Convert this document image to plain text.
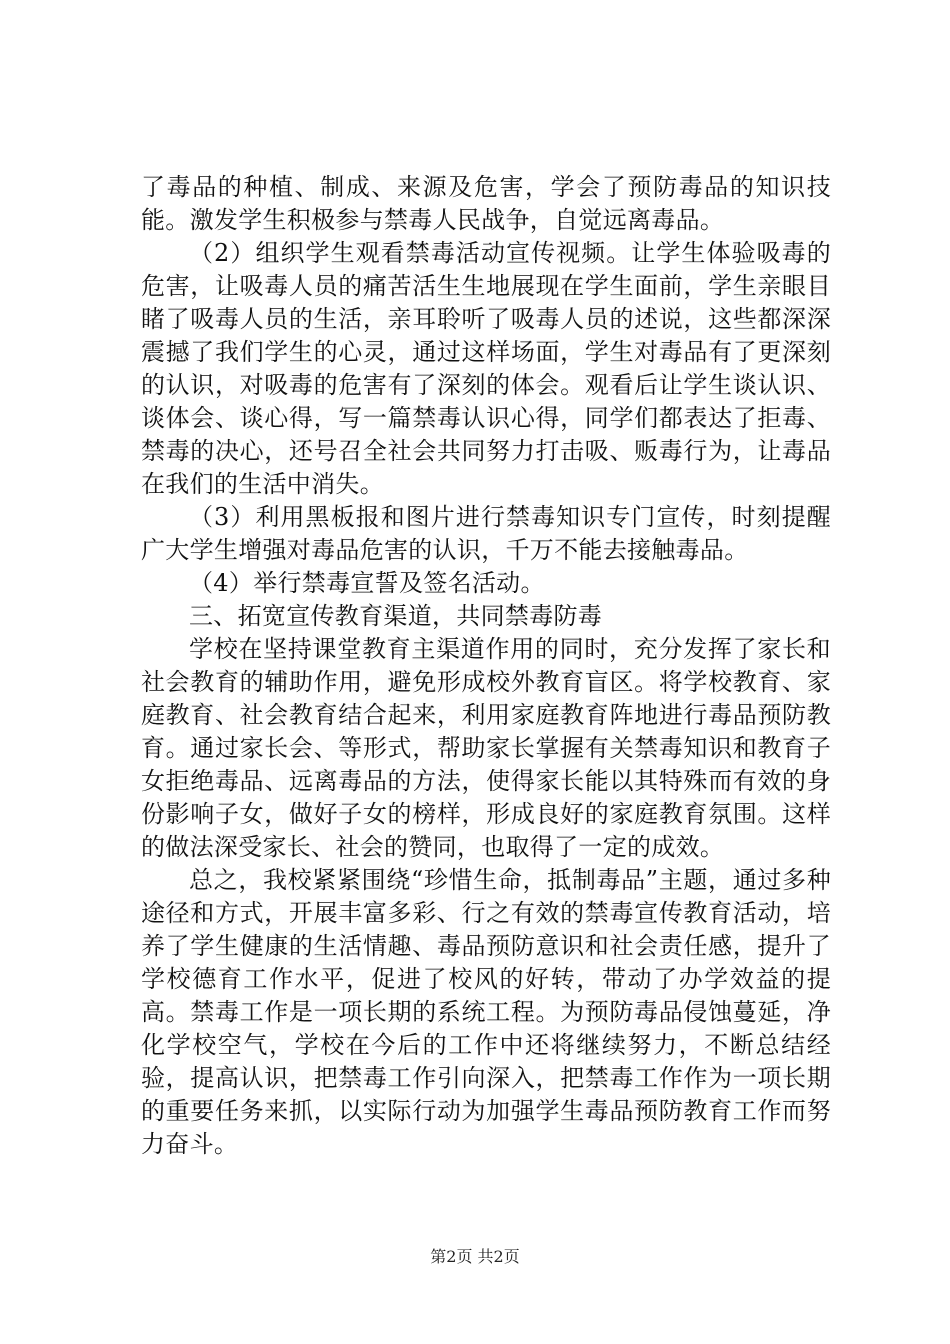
了毒品的种植、制成、来源及危害，学会了预防毒品的知识技能。激发学生积极参与禁毒人民战争，自觉远离毒品。

（2）组织学生观看禁毒活动宣传视频。让学生体验吸毒的危害，让吸毒人员的痛苦活生生地展现在学生面前，学生亲眼目睹了吸毒人员的生活，亲耳聆听了吸毒人员的述说，这些都深深震撼了我们学生的心灵，通过这样场面，学生对毒品有了更深刻的认识，对吸毒的危害有了深刻的体会。观看后让学生谈认识、谈体会、谈心得，写一篇禁毒认识心得，同学们都表达了拒毒、禁毒的决心，还号召全社会共同努力打击吸、贩毒行为，让毒品在我们的生活中消失。

（3）利用黑板报和图片进行禁毒知识专门宣传，时刻提醒广大学生增强对毒品危害的认识，千万不能去接触毒品。

（4）举行禁毒宣誓及签名活动。

三、拓宽宣传教育渠道，共同禁毒防毒

学校在坚持课堂教育主渠道作用的同时，充分发挥了家长和社会教育的辅助作用，避免形成校外教育盲区。将学校教育、家庭教育、社会教育结合起来，利用家庭教育阵地进行毒品预防教育。通过家长会、等形式，帮助家长掌握有关禁毒知识和教育子女拒绝毒品、远离毒品的方法，使得家长能以其特殊而有效的身份影响子女，做好子女的榜样，形成良好的家庭教育氛围。这样的做法深受家长、社会的赞同，也取得了一定的成效。

总之，我校紧紧围绕“珍惜生命，抵制毒品”主题，通过多种途径和方式，开展丰富多彩、行之有效的禁毒宣传教育活动，培养了学生健康的生活情趣、毒品预防意识和社会责任感，提升了学校德育工作水平，促进了校风的好转，带动了办学效益的提高。禁毒工作是一项长期的系统工程。为预防毒品侵蚀蔓延，净化学校空气，学校在今后的工作中还将继续努力，不断总结经验，提高认识，把禁毒工作引向深入，把禁毒工作作为一项长期的重要任务来抓，以实际行动为加强学生毒品预防教育工作而努力奋斗。

第2页 共2页
